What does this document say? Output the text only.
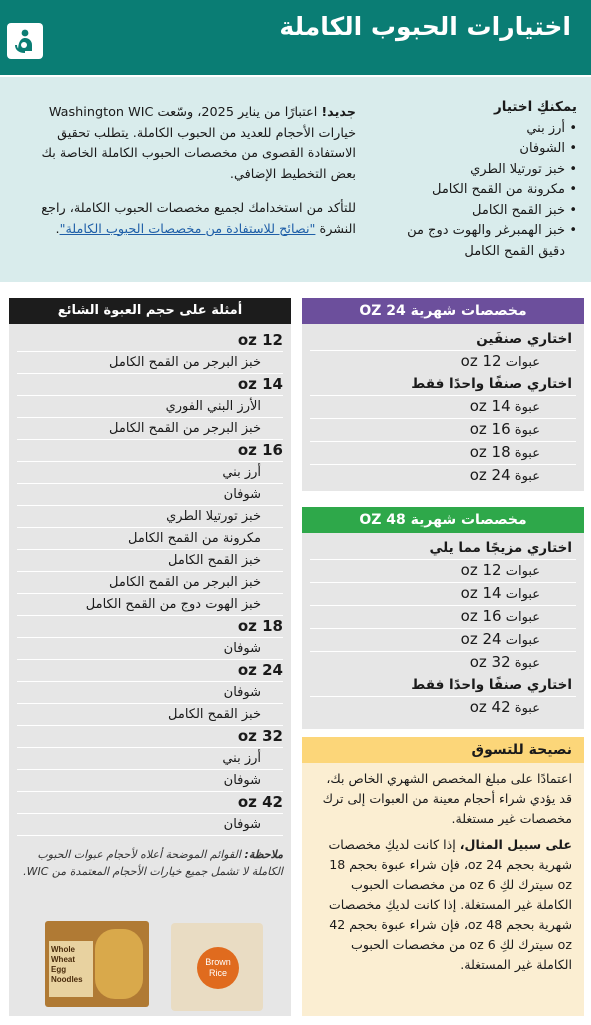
اختيارات الحبوب الكاملة
يمكنكِ اختيار
• أرز بني
• الشوفان
• خبز تورتيلا الطري
• مكرونة من القمح الكامل
• خبز القمح الكامل
• خبز الهمبرغر والهوت دوج من دقيق القمح الكامل

جديد! اعتبارًا من يناير 2025، وسّعت Washington WIC خيارات الأحجام للعديد من الحبوب الكاملة. يتطلب تحقيق الاستفادة القصوى من مخصصات الحبوب الكاملة الخاصة بك بعض التخطيط الإضافي.

للتأكد من استخدامك لجميع مخصصات الحبوب الكاملة، راجع النشرة "نصائح للاستفادة من مخصصات الحبوب الكاملة".

أمثلة على حجم العبوة الشائع
12 oz
خبز البرجر من القمح الكامل
14 oz
الأرز البني الفوري
خبز البرجر من القمح الكامل
16 oz
أرز بني
شوفان
خبز تورتيلا الطري
مكرونة من القمح الكامل
خبز القمح الكامل
خبز البرجر من القمح الكامل
خبز الهوت دوج من القمح الكامل
18 oz
شوفان
24 oz
شوفان
خبز القمح الكامل
32 oz
أرز بني
شوفان
42 oz
شوفان
ملاحظة: القوائم الموضحة أعلاه لأحجام عبوات الحبوب الكاملة لا تشمل جميع خيارات الأحجام المعتمدة من WIC.
Whole Wheat Egg Noodles
Brown Rice
مخصصات شهرية 24 OZ
اختاري صنفَين
عبوات 12 oz
اختاري صنفًا واحدًا فقط
عبوة 14 oz
عبوة 16 oz
عبوة 18 oz
عبوة 24 oz
مخصصات شهرية 48 OZ
اختاري مزيجًا مما يلي
عبوات 12 oz
عبوات 14 oz
عبوات 16 oz
عبوات 24 oz
عبوة 32 oz
اختاري صنفًا واحدًا فقط
عبوة 42 oz
نصيحة للتسوق

اعتمادًا على مبلغ المخصص الشهري الخاص بك، قد يؤدي شراء أحجام معينة من العبوات إلى ترك مخصصات غير مستغلة.

على سبيل المثال، إذا كانت لديكِ مخصصات شهرية بحجم 24 oz، فإن شراء عبوة بحجم 18 oz سيترك لكِ 6 oz من مخصصات الحبوب الكاملة غير المستغلة. إذا كانت لديكِ مخصصات شهرية بحجم 48 oz، فإن شراء عبوة بحجم 42 oz سيترك لكِ 6 oz من مخصصات الحبوب الكاملة غير المستغلة.
